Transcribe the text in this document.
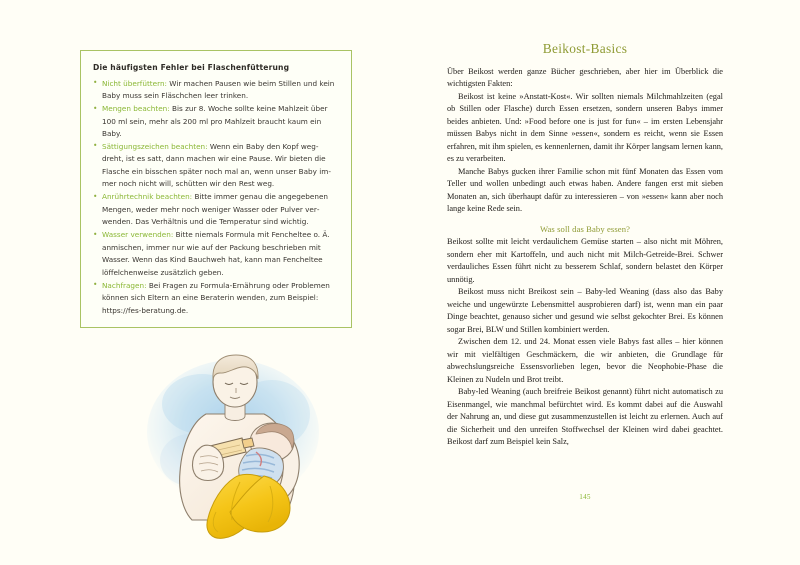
Die häufigsten Fehler bei Flaschenfütterung

• Nicht überfüttern: Wir machen Pausen wie beim Stillen und kein Baby muss sein Fläschchen leer trinken.
• Mengen beachten: Bis zur 8. Woche sollte keine Mahlzeit über 100 ml sein, mehr als 200 ml pro Mahlzeit braucht kaum ein Baby.
• Sättigungszeichen beachten: Wenn ein Baby den Kopf wegdreht, ist es satt, dann machen wir eine Pause. Wir bieten die Flasche ein bisschen später noch mal an, wenn unser Baby immer noch nicht will, schütten wir den Rest weg.
• Anrührtechnik beachten: Bitte immer genau die angegebenen Mengen, weder mehr noch weniger Wasser oder Pulver verwenden. Das Verhältnis und die Temperatur sind wichtig.
• Wasser verwenden: Bitte niemals Formula mit Fencheltee o. Ä. anmischen, immer nur wie auf der Packung beschrieben mit Wasser. Wenn das Kind Bauchweh hat, kann man Fencheltee löffelchenweise zusätzlich geben.
• Nachfragen: Bei Fragen zu Formula-Ernährung oder Problemen können sich Eltern an eine Beraterin wenden, zum Beispiel: https://fes-beratung.de.
Beikost-Basics

Über Beikost werden ganze Bücher geschrieben, aber hier im Überblick die wichtigsten Fakten:

Beikost ist keine »Anstatt-Kost«. Wir sollten niemals Milchmahlzeiten (egal ob Stillen oder Flasche) durch Essen ersetzen, sondern unseren Babys immer beides anbieten. Und: »Food before one is just for fun« – im ersten Lebensjahr müssen Babys nicht in dem Sinne »essen«, sondern es reicht, wenn sie Essen erfahren, mit ihm spielen, es kennenlernen, damit ihr Körper langsam lernen kann, es zu verarbeiten.

Manche Babys gucken ihrer Familie schon mit fünf Monaten das Essen vom Teller und wollen unbedingt auch etwas haben. Andere fangen erst mit sieben Monaten an, sich überhaupt dafür zu interessieren – von »essen« kann aber noch lange keine Rede sein.

Was soll das Baby essen?

Beikost sollte mit leicht verdaulichem Gemüse starten – also nicht mit Möhren, sondern eher mit Kartoffeln, und auch nicht mit Milch-Getreide-Brei. Schwer verdauliches Essen führt nicht zu besserem Schlaf, sondern belastet den Körper unnötig.

Beikost muss nicht Breikost sein – Baby-led Weaning (dass also das Baby weiche und ungewürzte Lebensmittel ausprobieren darf) ist, wenn man ein paar Dinge beachtet, genauso sicher und gesund wie selbst gekochter Brei. Es können sogar Brei, BLW und Stillen kombiniert werden.

Zwischen dem 12. und 24. Monat essen viele Babys fast alles – hier können wir mit vielfältigen Geschmäckern, die wir anbieten, die Grundlage für abwechslungsreiche Essensvorlieben legen, bevor die Neophobie-Phase die Kleinen zu Nudeln und Brot treibt.

Baby-led Weaning (auch breifreie Beikost genannt) führt nicht automatisch zu Eisenmangel, wie manchmal befürchtet wird. Es kommt dabei auf die Auswahl der Nahrung an, und diese gut zusammenzustellen ist leicht zu erlernen. Auch auf die Sicherheit und den unreifen Stoffwechsel der Kleinen wird dabei geachtet. Beikost darf zum Beispiel kein Salz,

145
